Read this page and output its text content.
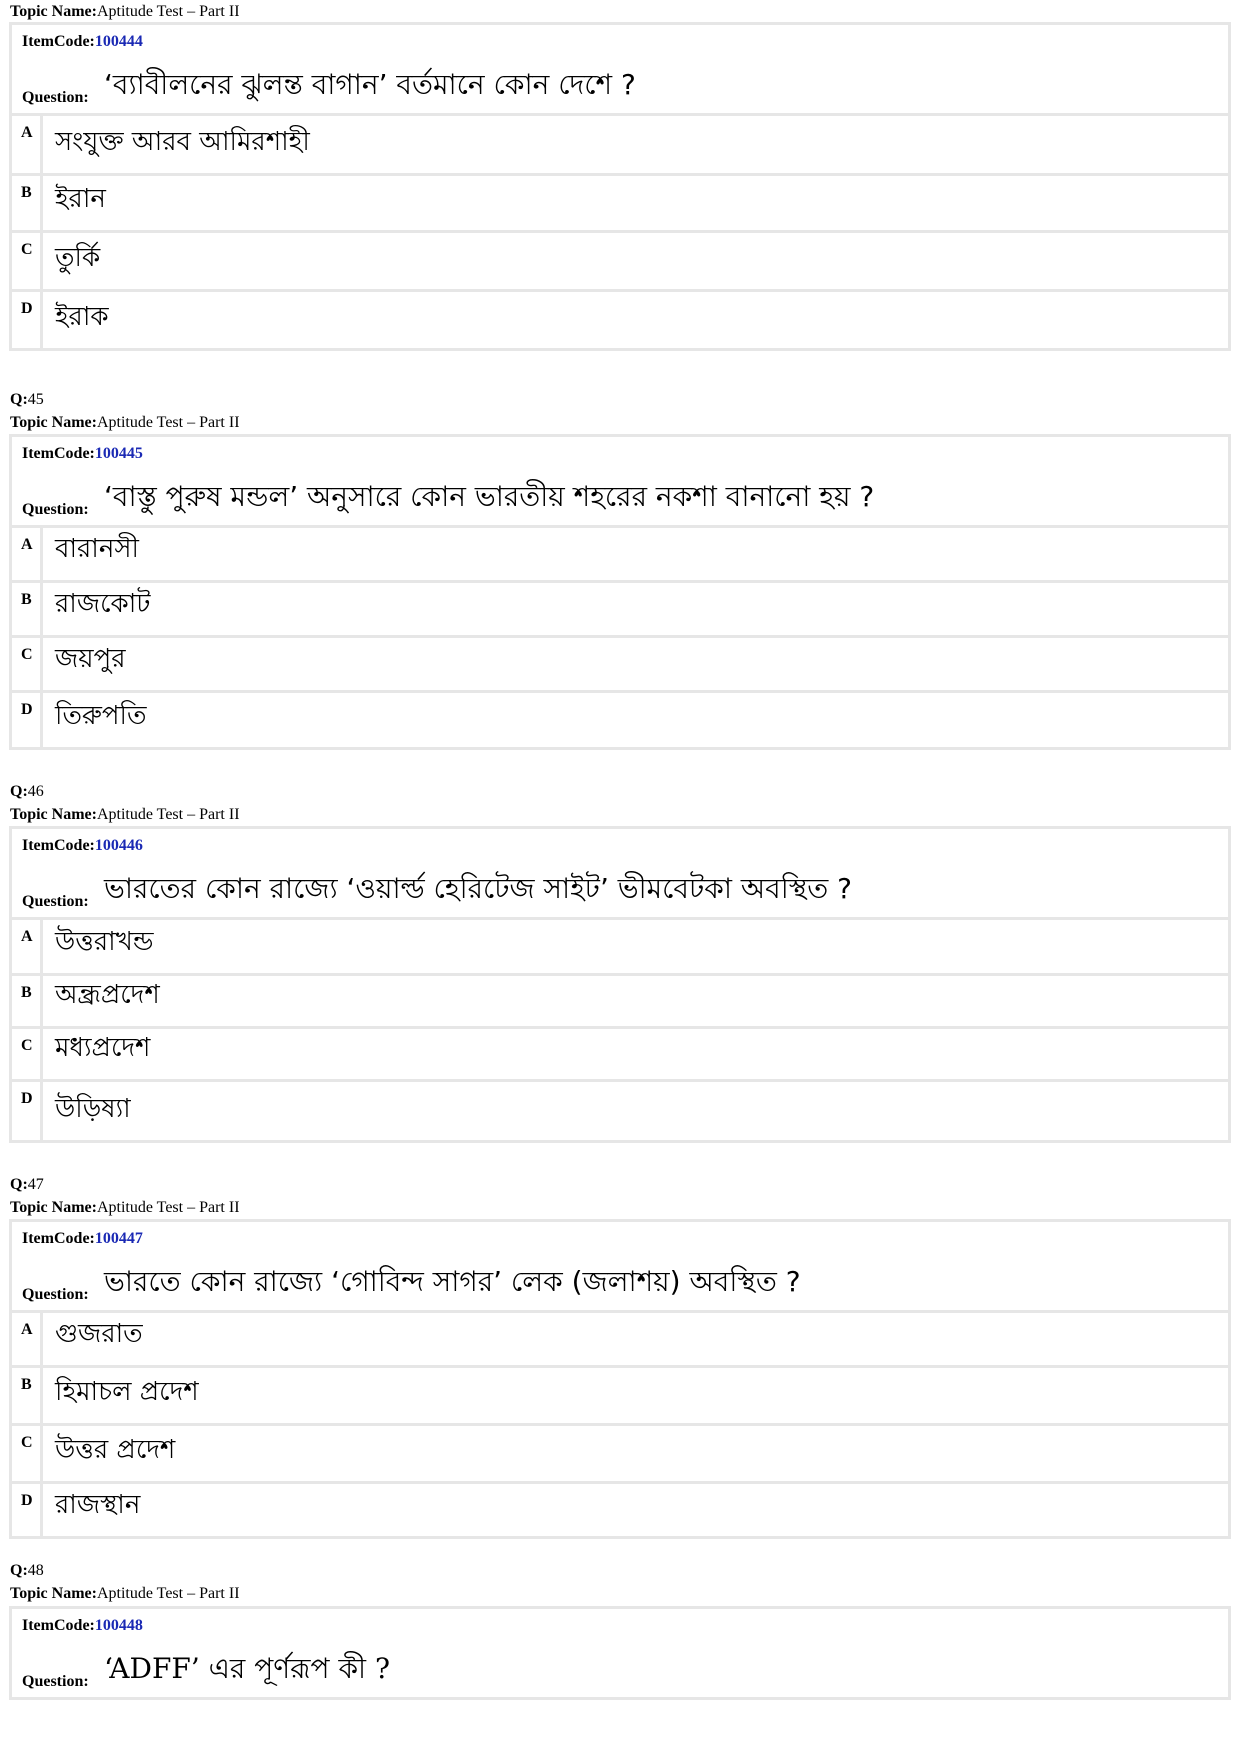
Topic Name:Aptitude Test – Part II
ItemCode:100444
‘ব্যাবীলনের ঝুলন্ত বাগান’ বর্তমানে কোন দেশে ?
Question:
A সংযুক্ত আরব আমিরশাহী
B ইরান
C তুর্কি
D ইরাক
Q:45
Topic Name:Aptitude Test – Part II
ItemCode:100445
‘বাস্তু পুরুষ মন্ডল’ অনুসারে কোন ভারতীয় শহরের নকশা বানানো হয় ?
Question:
A বারানসী
B রাজকোট
C জয়পুর
D তিরুপতি
Q:46
Topic Name:Aptitude Test – Part II
ItemCode:100446
ভারতের কোন রাজ্যে ‘ওয়ার্ল্ড হেরিটেজ সাইট’ ভীমবেটকা অবস্থিত ?
Question:
A উত্তরাখন্ড
B অন্ধ্রপ্রদেশ
C মধ্যপ্রদেশ
D উড়িষ্যা
Q:47
Topic Name:Aptitude Test – Part II
ItemCode:100447
ভারতে কোন রাজ্যে ‘গোবিন্দ সাগর’ লেক (জলাশয়) অবস্থিত ?
Question:
A গুজরাত
B হিমাচল প্রদেশ
C উত্তর প্রদেশ
D রাজস্থান
Q:48
Topic Name:Aptitude Test – Part II
ItemCode:100448
‘ADFF’ এর পূর্ণরূপ কী ?
Question:
